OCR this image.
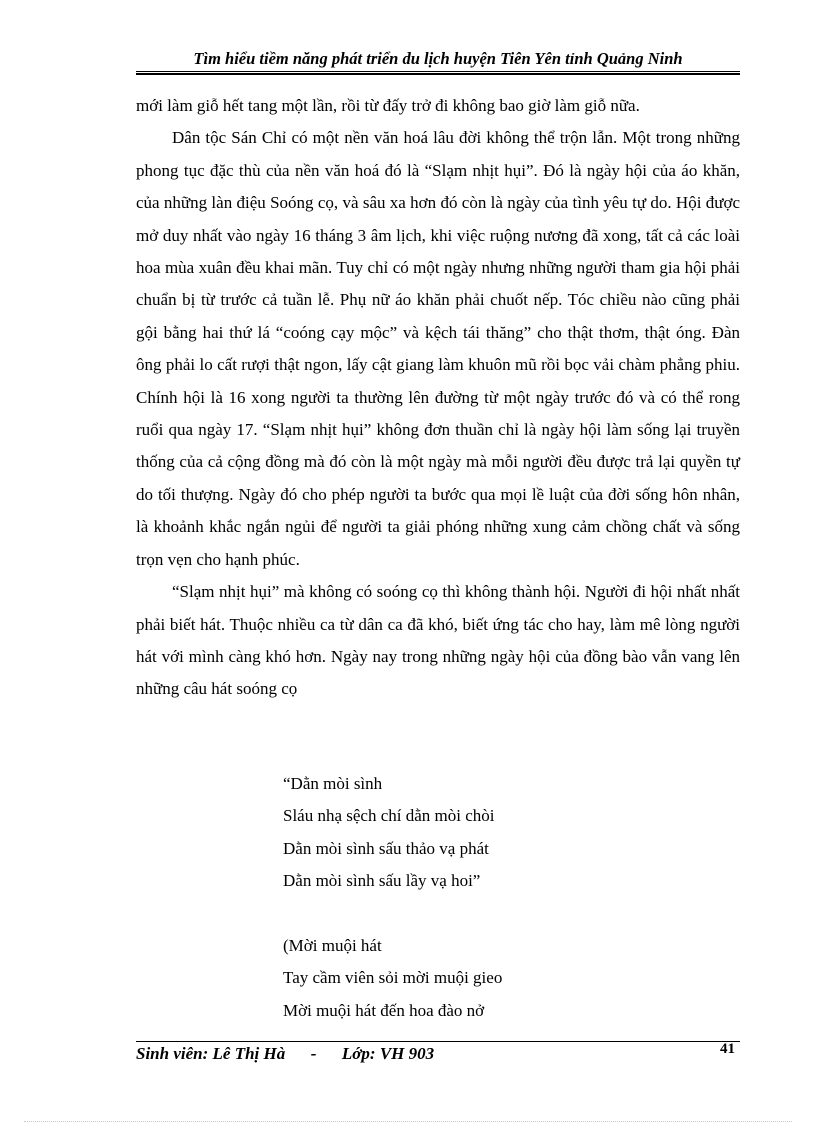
Tìm hiểu tiềm năng phát triển du lịch huyện Tiên Yên tỉnh Quảng Ninh

mới làm giỗ hết tang một lần, rồi từ đấy trở đi không bao giờ làm giỗ nữa.

Dân tộc Sán Chỉ có một nền văn hoá lâu đời không thể trộn lẫn. Một trong những phong tục đặc thù của nền văn hoá đó là “Slạm nhịt hụi”. Đó là ngày hội của áo khăn, của những làn điệu Soóng cọ, và sâu xa hơn đó còn là ngày của tình yêu tự do. Hội được mở duy nhất vào ngày 16 tháng 3 âm lịch, khi việc ruộng nương đã xong, tất cả các loài hoa mùa xuân đều khai mãn. Tuy chỉ có một ngày nhưng những người tham gia hội phải chuẩn bị từ trước cả tuần lễ. Phụ nữ áo khăn phải chuốt nếp. Tóc chiều nào cũng phải gội bằng hai thứ lá “coóng cạy mộc” và kệch tái thăng” cho thật thơm, thật óng. Đàn ông phải lo cất rượi thật ngon, lấy cật giang làm khuôn mũ rồi bọc vải chàm phẳng phiu. Chính hội là 16 xong người ta thường lên đường từ một ngày trước đó và có thể rong ruổi qua ngày 17. “Slạm nhịt hụi” không đơn thuần chỉ là ngày hội làm sống lại truyền thống của cả cộng đồng mà đó còn là một ngày mà mỗi người đều được trả lại quyền tự do tối thượng. Ngày đó cho phép người ta bước qua mọi lề luật của đời sống hôn nhân, là khoảnh khắc ngắn ngủi để người ta giải phóng những xung cảm chồng chất và sống trọn vẹn cho hạnh phúc.

“Slạm nhịt hụi” mà không có soóng cọ thì không thành hội. Người đi hội nhất nhất phải biết hát. Thuộc nhiều ca từ dân ca đã khó, biết ứng tác cho hay, làm mê lòng người hát với mình càng khó hơn. Ngày nay trong những ngày hội của đồng bào vẫn vang lên những câu hát soóng cọ

“Dằn mòi sình
Sláu nhạ sệch chí dằn mòi chòi
Dằn mòi sình sấu thảo vạ phát
Dằn mòi sình sấu lầy vạ hoi”
(Mời muội hát
Tay cầm viên sỏi mời muội gieo
Mời muội hát đến hoa đào nở
Sinh viên: Lê Thị Hà - Lớp: VH 903	41
